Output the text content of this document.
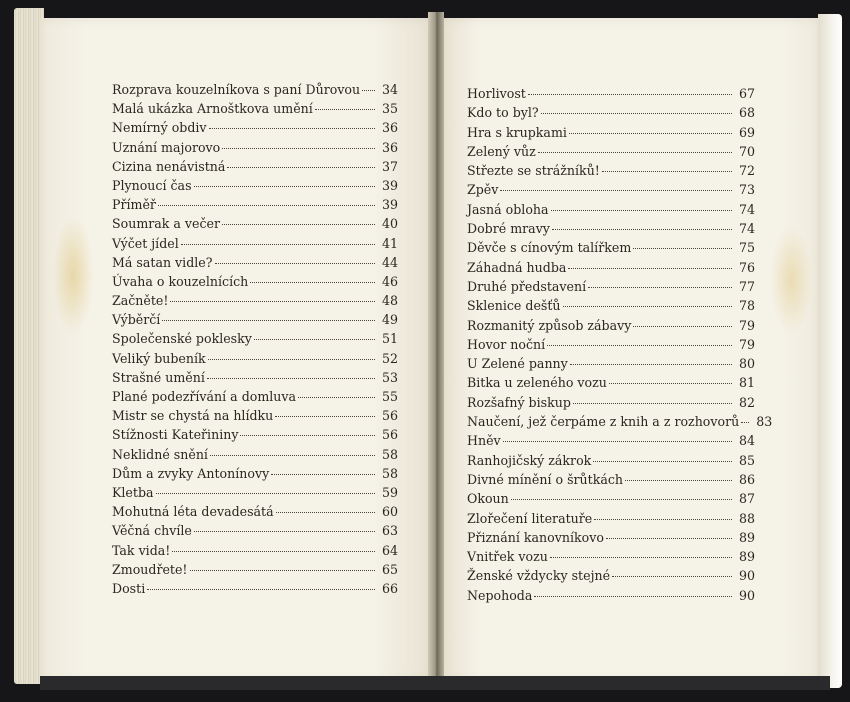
Rozprava kouzelníkova s paní Důrovou 34
Malá ukázka Arnoštkova umění	35
Nemírný obdiv	36
Uznání majorovo	36
Cizina nenávistná	37
Plynoucí čas	39
Příměř	39
Soumrak a večer	40
Výčet jídel	41
Má satan vidle?	44
Úvaha o kouzelnících	46
Začněte!	48
Výběrčí	49
Společenské poklesky	51
Veliký bubeník	52
Strašné umění	53
Plané podezřívání a domluva	55
Mistr se chystá na hlídku	56
Stížnosti Kateřininy	56
Neklidné snění	58
Dům a zvyky Antonínovy	58
Kletba	59
Mohutná léta devadesátá	60
Věčná chvíle	63
Tak vida!	64
Zmoudřete!	65
Dosti	66
Horlivost	67
Kdo to byl?	68
Hra s krupkami	69
Zelený vůz	70
Střezte se strážníků!	72
Zpěv	73
Jasná obloha	74
Dobré mravy	74
Děvče s cínovým talířkem	75
Záhadná hudba	76
Druhé představení	77
Sklenice dešťů	78
Rozmanitý způsob zábavy	79
Hovor noční	79
U Zelené panny	80
Bitka u zeleného vozu	81
Rozšafný biskup	82
Naučení, jež čerpáme z knih a z rozhovorů 83
Hněv	84
Ranhojičský zákrok	85
Divné mínění o šrůtkách	86
Okoun	87
Zlořečení literatuře	88
Přiznání kanovníkovo	89
Vnitřek vozu	89
Ženské vždycky stejné	90
Nepohoda	90
